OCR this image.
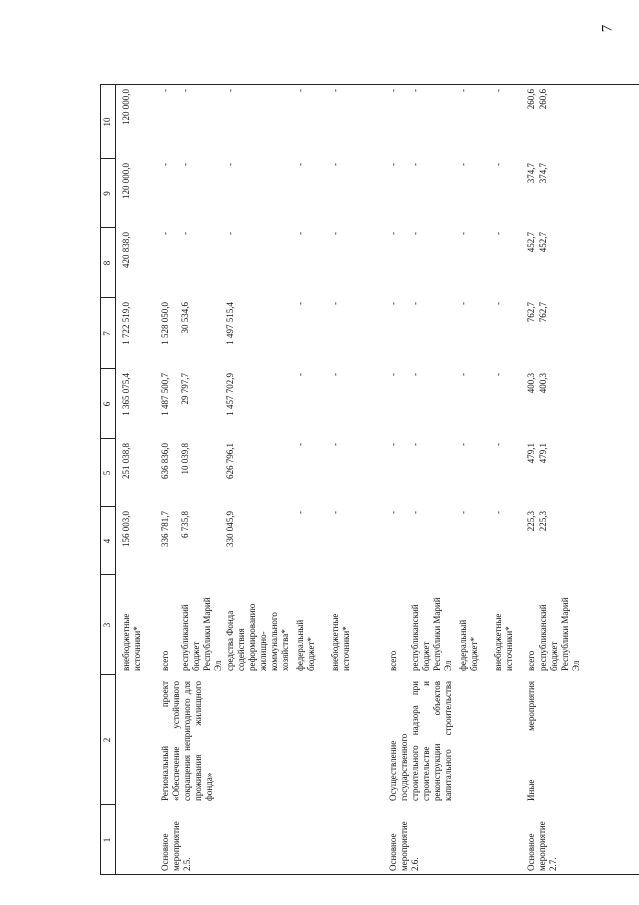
7
1
2
3
4
5
6
7
8
9
10
внебюджетные источники*
156 003,0
251 038,8
1 365 075,4
1 722 519,0
420 838,0
120 000,0
120 000,0
Основное мероприятие 2.5.
Региональный проект «Обеспечение устойчивого сокращения непригодного для проживания жилищного фонда»
всего
336 781,7
636 836,0
1 487 500,7
1 528 050,0
-
-
-
республиканский бюджет Республики Марий Эл
6 735,8
10 039,8
29 797,7
30 534,6
-
-
-
средства Фонда содействия реформированию жилищно-коммунального хозяйства*
330 045,9
626 796,1
1 457 702,9
1 497 515,4
-
-
-
федеральный бюджет*
-
-
-
-
-
-
-
внебюджетные источники*
-
-
-
-
-
-
-
Основное мероприятие 2.6.
Осуществление государственного строительного надзора при строительстве и реконструкции объектов капитального строительства
всего
-
-
-
-
-
-
-
республиканский бюджет Республики Марий Эл
-
-
-
-
-
-
-
федеральный бюджет*
-
-
-
-
-
-
-
внебюджетные источники*
-
-
-
-
-
-
-
Основное мероприятие 2.7.
Иные мероприятия
всего
225,3
479,1
400,3
762,7
452,7
374,7
260,6
республиканский бюджет Республики Марий Эл
225,3
479,1
400,3
762,7
452,7
374,7
260,6
